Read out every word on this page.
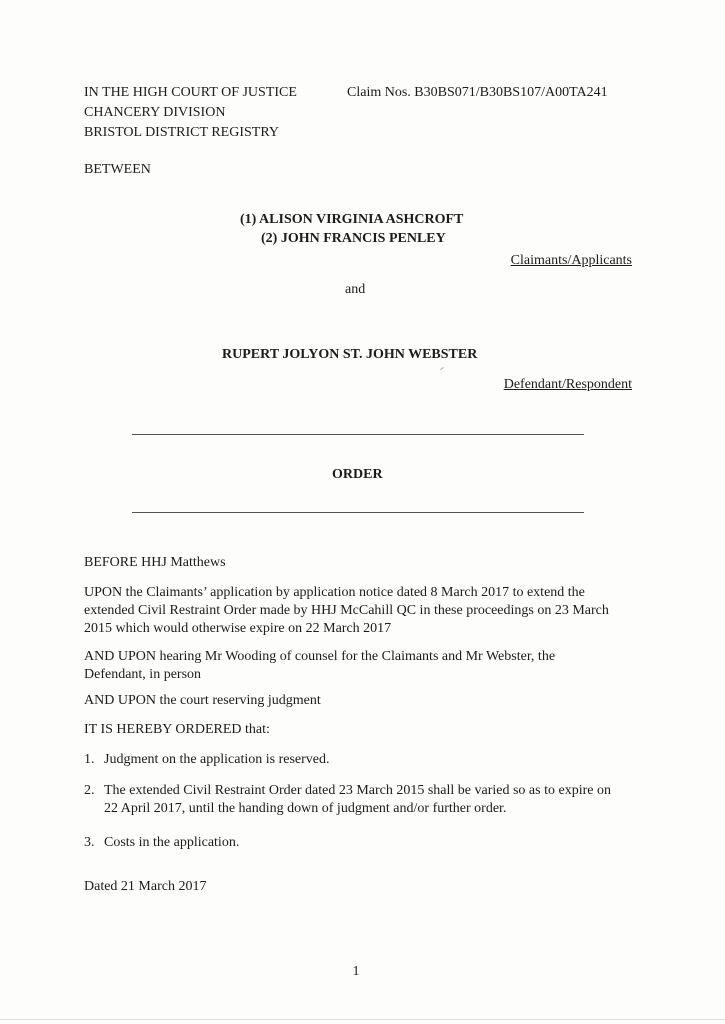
IN THE HIGH COURT OF JUSTICE
CHANCERY DIVISION
BRISTOL DISTRICT REGISTRY
Claim Nos. B30BS071/B30BS107/A00TA241
BETWEEN
(1) ALISON VIRGINIA ASHCROFT
(2) JOHN FRANCIS PENLEY
Claimants/Applicants
and
RUPERT JOLYON ST. JOHN WEBSTER
Defendant/Respondent
ORDER
BEFORE HHJ Matthews
UPON the Claimants’ application by application notice dated 8 March 2017 to extend the extended Civil Restraint Order made by HHJ McCahill QC in these proceedings on 23 March 2015 which would otherwise expire on 22 March 2017
AND UPON hearing Mr Wooding of counsel for the Claimants and Mr Webster, the Defendant, in person
AND UPON the court reserving judgment
IT IS HEREBY ORDERED that:
1. Judgment on the application is reserved.
2. The extended Civil Restraint Order dated 23 March 2015 shall be varied so as to expire on 22 April 2017, until the handing down of judgment and/or further order.
3. Costs in the application.
Dated 21 March 2017
1
